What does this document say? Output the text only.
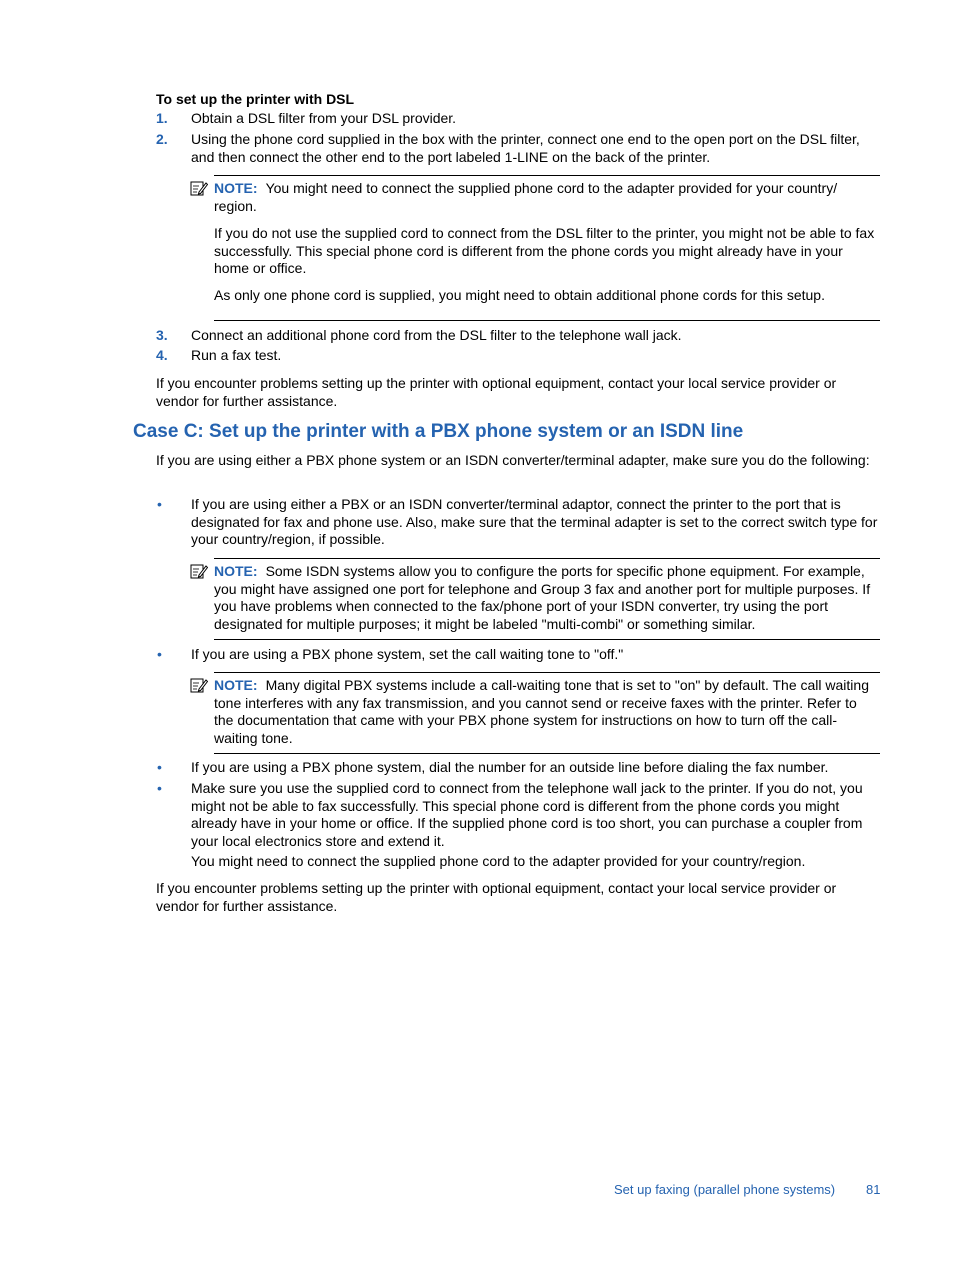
To set up the printer with DSL

1. Obtain a DSL filter from your DSL provider.

2. Using the phone cord supplied in the box with the printer, connect one end to the open port on the DSL filter, and then connect the other end to the port labeled 1-LINE on the back of the printer.

NOTE: You might need to connect the supplied phone cord to the adapter provided for your country/ region.

If you do not use the supplied cord to connect from the DSL filter to the printer, you might not be able to fax successfully. This special phone cord is different from the phone cords you might already have in your home or office.

As only one phone cord is supplied, you might need to obtain additional phone cords for this setup.

3. Connect an additional phone cord from the DSL filter to the telephone wall jack.

4. Run a fax test.

If you encounter problems setting up the printer with optional equipment, contact your local service provider or vendor for further assistance.

Case C: Set up the printer with a PBX phone system or an ISDN line

If you are using either a PBX phone system or an ISDN converter/terminal adapter, make sure you do the following:

• If you are using either a PBX or an ISDN converter/terminal adaptor, connect the printer to the port that is designated for fax and phone use. Also, make sure that the terminal adapter is set to the correct switch type for your country/region, if possible.

NOTE: Some ISDN systems allow you to configure the ports for specific phone equipment. For example, you might have assigned one port for telephone and Group 3 fax and another port for multiple purposes. If you have problems when connected to the fax/phone port of your ISDN converter, try using the port designated for multiple purposes; it might be labeled "multi-combi" or something similar.

• If you are using a PBX phone system, set the call waiting tone to "off."

NOTE: Many digital PBX systems include a call-waiting tone that is set to "on" by default. The call waiting tone interferes with any fax transmission, and you cannot send or receive faxes with the printer. Refer to the documentation that came with your PBX phone system for instructions on how to turn off the call-waiting tone.

• If you are using a PBX phone system, dial the number for an outside line before dialing the fax number.

• Make sure you use the supplied cord to connect from the telephone wall jack to the printer. If you do not, you might not be able to fax successfully. This special phone cord is different from the phone cords you might already have in your home or office. If the supplied phone cord is too short, you can purchase a coupler from your local electronics store and extend it.

You might need to connect the supplied phone cord to the adapter provided for your country/region.

If you encounter problems setting up the printer with optional equipment, contact your local service provider or vendor for further assistance.

Set up faxing (parallel phone systems) 81
